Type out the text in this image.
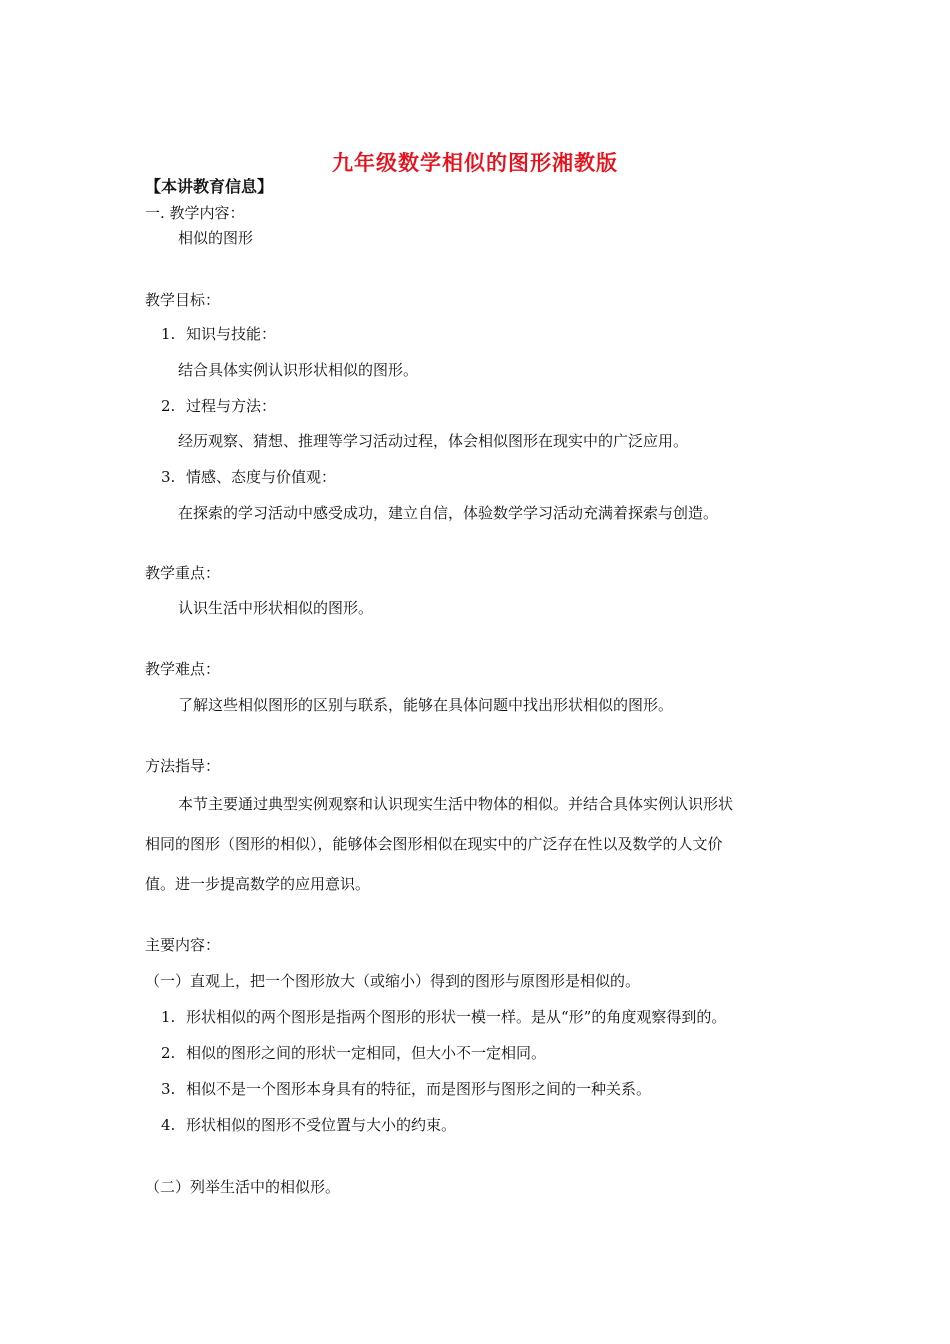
九年级数学相似的图形湘教版
【本讲教育信息】
一. 教学内容：
相似的图形
教学目标：
1. 知识与技能：
结合具体实例认识形状相似的图形。
2. 过程与方法：
经历观察、猜想、推理等学习活动过程，体会相似图形在现实中的广泛应用。
3. 情感、态度与价值观：
在探索的学习活动中感受成功，建立自信，体验数学学习活动充满着探索与创造。
教学重点：
认识生活中形状相似的图形。
教学难点：
了解这些相似图形的区别与联系，能够在具体问题中找出形状相似的图形。
方法指导：
本节主要通过典型实例观察和认识现实生活中物体的相似。并结合具体实例认识形状
相同的图形（图形的相似），能够体会图形相似在现实中的广泛存在性以及数学的人文价
值。进一步提高数学的应用意识。
主要内容：
（一）直观上，把一个图形放大（或缩小）得到的图形与原图形是相似的。
1. 形状相似的两个图形是指两个图形的形状一模一样。是从“形”的角度观察得到的。
2. 相似的图形之间的形状一定相同，但大小不一定相同。
3. 相似不是一个图形本身具有的特征，而是图形与图形之间的一种关系。
4. 形状相似的图形不受位置与大小的约束。
（二）列举生活中的相似形。
